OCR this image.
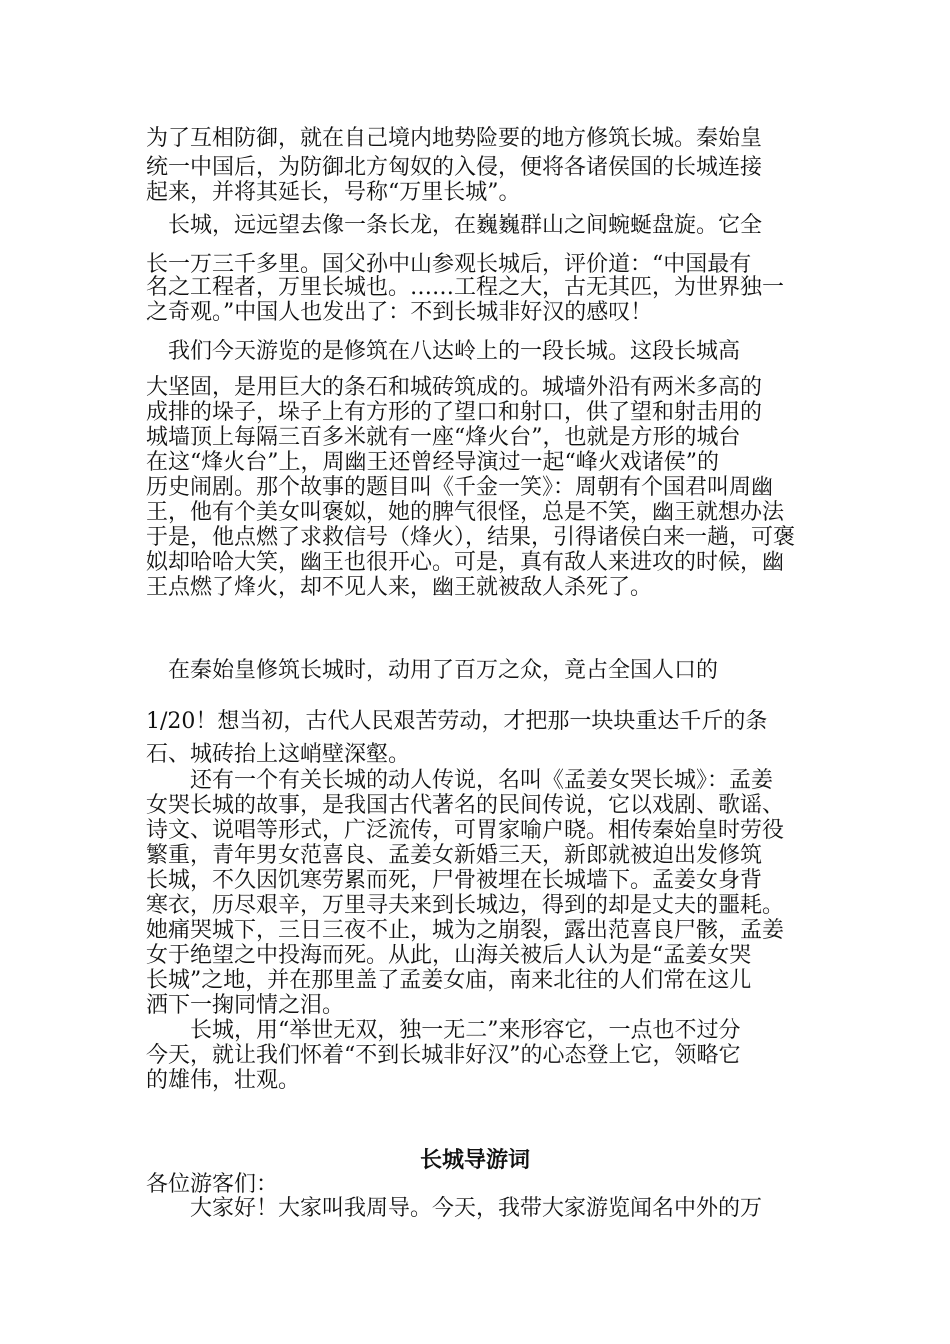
为了互相防御，就在自己境内地势险要的地方修筑长城。秦始皇
统一中国后，为防御北方匈奴的入侵，便将各诸侯国的长城连接
起来，并将其延长，号称“万里长城”。
　长城，远远望去像一条长龙，在巍巍群山之间蜿蜒盘旋。它全
长一万三千多里。国父孙中山参观长城后，评价道：“中国最有
名之工程者，万里长城也。……工程之大，古无其匹，为世界独一
之奇观。”中国人也发出了：不到长城非好汉的感叹！
　我们今天游览的是修筑在八达岭上的一段长城。这段长城高
大坚固，是用巨大的条石和城砖筑成的。城墙外沿有两米多高的
成排的垛子，垛子上有方形的了望口和射口，供了望和射击用的
城墙顶上每隔三百多米就有一座“烽火台”，也就是方形的城台
在这“烽火台”上，周幽王还曾经导演过一起“峰火戏诸侯”的
历史闹剧。那个故事的题目叫《千金一笑》：周朝有个国君叫周幽
王，他有个美女叫褒姒，她的脾气很怪，总是不笑，幽王就想办法
于是，他点燃了求救信号（烽火），结果，引得诸侯白来一趟，可褒
姒却哈哈大笑，幽王也很开心。可是，真有敌人来进攻的时候，幽
王点燃了烽火，却不见人来，幽王就被敌人杀死了。
　在秦始皇修筑长城时，动用了百万之众，竟占全国人口的
1/20！想当初，古代人民艰苦劳动，才把那一块块重达千斤的条
石、城砖抬上这峭壁深壑。
　　还有一个有关长城的动人传说，名叫《孟姜女哭长城》：孟姜
女哭长城的故事，是我国古代著名的民间传说，它以戏剧、歌谣、
诗文、说唱等形式，广泛流传，可胃家喻户晓。相传秦始皇时劳役
繁重，青年男女范喜良、孟姜女新婚三天，新郎就被迫出发修筑
长城，不久因饥寒劳累而死，尸骨被埋在长城墙下。孟姜女身背
寒衣，历尽艰辛，万里寻夫来到长城边，得到的却是丈夫的噩耗。
她痛哭城下，三日三夜不止，城为之崩裂，露出范喜良尸骸，孟姜
女于绝望之中投海而死。从此，山海关被后人认为是“孟姜女哭
长城”之地，并在那里盖了孟姜女庙，南来北往的人们常在这儿
洒下一掬同情之泪。
　　长城，用“举世无双，独一无二”来形容它，一点也不过分
今天，就让我们怀着“不到长城非好汉”的心态登上它，领略它
的雄伟，壮观。
长城导游词
各位游客们：
　　大家好！大家叫我周导。今天，我带大家游览闻名中外的万
